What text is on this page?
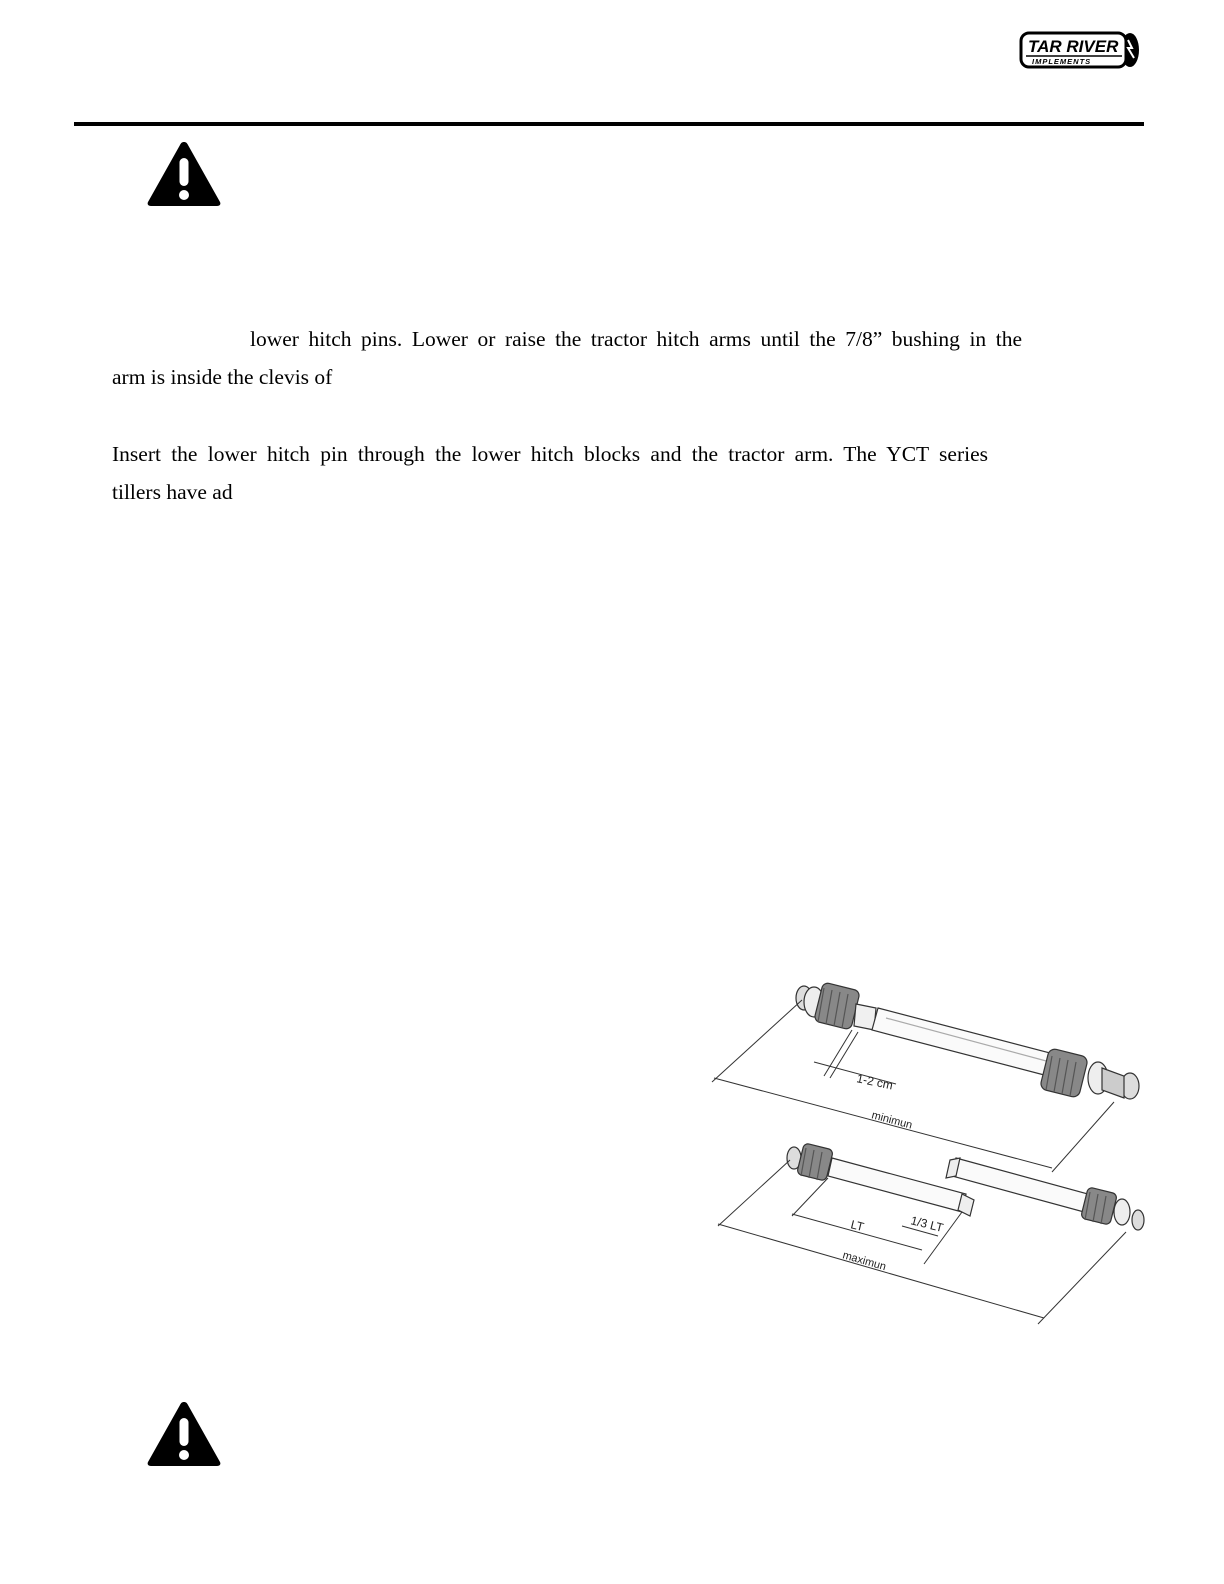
TAR RIVER
IMPLEMENTS

lower hitch pins. Lower or raise the tractor hitch arms until the 7/8” bushing in the
arm is inside the clevis of

Insert the lower hitch pin through the lower hitch blocks and the tractor arm. The YCT series
tillers have ad

1-2 cm
minimun
LT	1/3 LT
maximun
